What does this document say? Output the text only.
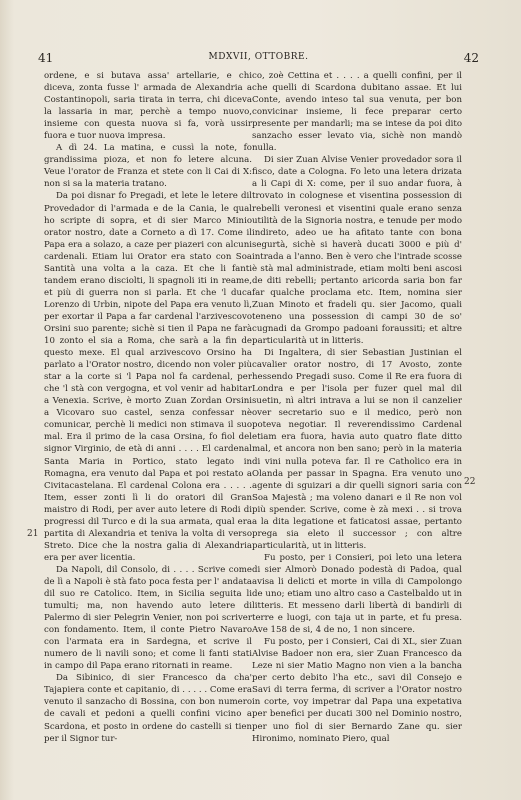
41	MDXVII, OTTOBRE.	42
21
22

ordene, e si butava assa' artellarie, e chi diceva, zonta fusse l' armada de Alexandria a Costantinopoli, saria tirata in terra, chi diceva la lassaria in mar, perchè a tempo nuovo, insieme con questa nuova si fa, vorà ussir fuora e tuor nuova impresa.

A dì 24. La matina, e cussì la note, fo grandissima pioza, et non fo letere alcuna. Veue l'orator de Franza et stete con li Cai di X: non si sa la materia tratano.

Da poi disnar fo Pregadi, et lete le letere dil Provedador di l'armada e de la Cania, le qual ho scripte di sopra, et di sier Marco Minio orator nostro, date a Corneto a dì 17. Come il Papa era a solazo, a caze per piazeri con alcuni cardenali. Etiam lui Orator era stato con Soa Santità una volta a la caza. Et che li fanti tandem erano disciolti, li spagnoli iti in reame, et più di guerra non si parla. Et che 'l duca Lorenzo di Urbin, nipote del Papa era venuto lì, per exortar il Papa a far cardenal l'arzivescovo Orsini suo parente; sichè si tien il Papa ne farà 10 zonto el sia a Roma, che sarà a la fin de questo mexe. El qual arzivescovo Orsino ha parlato a l'Orator nostro, dicendo non voler più star a la corte si 'l Papa nol fa cardenal, per che 'l stà con vergogna, et vol venir ad habitar a Venexia. Scrive, è morto Zuan Zordan Orsini a Vicovaro suo castel, senza confessar nè comunicar, perchè li medici non stimava il suo mal. Era il primo de la casa Orsina, fo fiol del signor Virginio, de età di anni . . . . El cardenal Santa Maria in Portico, stato legato in Romagna, era venuto dal Papa et poi restato a Civitacastelana. El cardenal Colona era . . . . . Item, esser zonti lì li do oratori dil Gran maistro di Rodi, per aver auto letere di Rodi di progressi dil Turco e di la sua armata, qual era partita di Alexandria et teniva la volta di verso Streto. Dice che la nostra galia di Alexandria era per aver licentia.

Da Napoli, dil Consolo, di . . . . Scrive come de lì a Napoli è stà fato poca festa per l' andata dil suo re Catolico. Item, in Sicilia seguita li tumulti; ma, non havendo auto letere di Palermo di sier Pelegrin Venier, non poi scriver con fondamento. Item, il conte Pietro Navaro con l'armata era in Sardegna, et scrive il numero de li navili sono; et come li fanti stati in campo dil Papa erano ritornati in reame.

Da Sibinico, di sier Francesco da cha' Tajapiera conte et capitanio, di . . . . . Come era venuto il sanzacho di Bossina, con bon numero de cavali et pedoni a quelli confini vicino a Scardona, et posto in ordene do castelli si tien per il Signor tur-

co, zoè Cettina et . . . . a quelli confini, per il che quelli di Scardona dubitano assae. Et lui Conte, avendo inteso tal sua venuta, per bon convicinar insieme, li fece preparar certo presente per mandarli; ma se intese da poi dito sanzacho esser levato via, sichè non mandò nulla.

Di sier Zuan Alvise Venier provedador sora il fisco, date a Cologna. Fo leto una letera drizata a li Capi di X: come, per il suo andar fuora, à trovato in colognese et visentina possession di rebelli veronesi et visentini quale erano senza utilità de la Signoria nostra, e tenude per modo indireto, adeo ue ha afitato tante con bona segurtà, sichè si haverà ducati 3000 e più d' intrada a l'anno. Ben è vero che l'intrade scosse è stà mal administrade, etiam molti beni ascosi de diti rebelli; pertanto aricorda saria bon far far qualche proclama etc. Item, nomina sier Zuan Minoto et fradeli qu. sier Jacomo, quali teneno una possession di campi 30 de so' cugnadi da Grompo padoani foraussiti; et altre particularità ut in litteris.

Di Ingaltera, di sier Sebastian Justinian el cavalier orator nostro, di 17 Avosto, zonte hessendo Pregadi suso. Come il Re era fuora di Londra e per l'isola per fuzer quel mal dil suetin, nì altri intrava a lui se non il canzelier over secretario suo e il medico, però non poteva negotiar. Il reverendissimo Cardenal etiam era fuora, havia auto quatro flate ditto mal, et ancora non ben sano; però in la materia di vini nulla poteva far. Il re Catholico era in Olanda per passar in Spagna. Era venuto uno agente di sguizari a dir quelli signori saria con Soa Majestà ; ma voleno danari e il Re non vol più spender. Scrive, come è zà mexi . . si trova a la dita legatione et faticatosi assae, pertanto prega sia eleto il successor ; con altre particularità, ut in litteris.

Fu posto, per i Consieri, poi leto una letera di sier Almorò Donado podestà di Padoa, qual avisa li delicti et morte in villa di Campolongo de uno; etiam uno altro caso a Castelbaldo ut in litteris. Et messeno darli libertà di bandirli di terre e luogi, con taja ut in parte, et fu presa. Ave 158 de si, 4 de no, 1 non sincere.

Fu posto, per i Consieri, Cai di XL, sier Zuan Alvise Badoer non era, sier Zuan Francesco da Leze ni sier Matio Magno non vien a la bancha per certo debito l'ha etc., savi dil Consejo e Savi di terra ferma, di scriver a l'Orator nostro in corte, voy impetrar dal Papa una expetativa per benefici per ducati 300 nel Dominio nostro, per uno fiol di sier Bernardo Zane qu. sier Hironimo, nominato Piero, qual
